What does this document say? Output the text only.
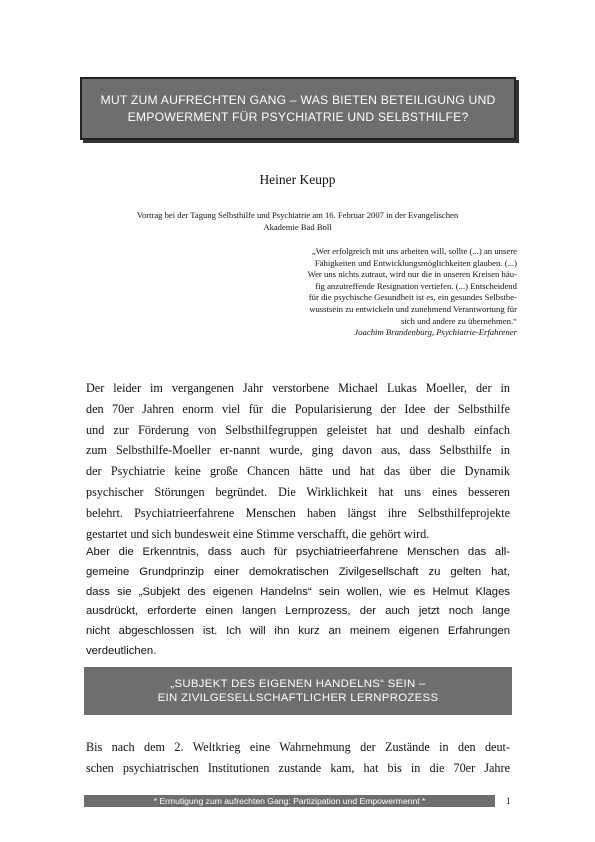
MUT ZUM AUFRECHTEN GANG – WAS BIETEN BETEILIGUNG UND
EMPOWERMENT FÜR PSYCHIATRIE UND SELBSTHILFE?
Heiner Keupp
Vortrag bei der Tagung Selbsthilfe und Psychiatrie am 16. Februar 2007 in der Evangelischen
Akademie Bad Boll
„Wer erfolgreich mit uns arbeiten will, sollte (...) an unsere
Fähigkeiten und Entwicklungsmöglichkeiten glauben. (...)
Wer uns nichts zutraut, wird nur die in unseren Kreisen häu-
fig anzutreffende Resignation vertiefen. (...) Entscheidend
für die psychische Gesundheit ist es, ein gesundes Selbstbe-
wusstsein zu entwickeln und zunehmend Verantwortung für
sich und andere zu übernehmen.“
Joachim Brandenburg, Psychiatrie-Erfahrener
Der leider im vergangenen Jahr verstorbene Michael Lukas Moeller, der in
den 70er Jahren enorm viel für die Popularisierung der Idee der Selbsthilfe
und zur Förderung von Selbsthilfegruppen geleistet hat und deshalb einfach
zum Selbsthilfe-Moeller er-nannt wurde, ging davon aus, dass Selbsthilfe in
der Psychiatrie keine große Chancen hätte und hat das über die Dynamik
psychischer Störungen begründet. Die Wirklichkeit hat uns eines besseren
belehrt. Psychiatrieerfahrene Menschen haben längst ihre Selbsthilfeprojekte
gestartet und sich bundesweit eine Stimme verschafft, die gehört wird.
Aber die Erkenntnis, dass auch für psychiatrieerfahrene Menschen das all-
gemeine Grundprinzip einer demokratischen Zivilgesellschaft zu gelten hat,
dass sie „Subjekt des eigenen Handelns“ sein wollen, wie es Helmut Klages
ausdrückt, erforderte einen langen Lernprozess, der auch jetzt noch lange
nicht abgeschlossen ist. Ich will ihn kurz an meinem eigenen Erfahrungen
verdeutlichen.
„SUBJEKT DES EIGENEN HANDELNS“ SEIN –
EIN ZIVILGESELLSCHAFTLICHER LERNPROZESS
Bis nach dem 2. Weltkrieg eine Wahrnehmung der Zustände in den deut-
schen psychiatrischen Institutionen zustande kam, hat bis in die 70er Jahre
* Ermutigung zum aufrechten Gang: Partizipation und Empowermennt *	1
